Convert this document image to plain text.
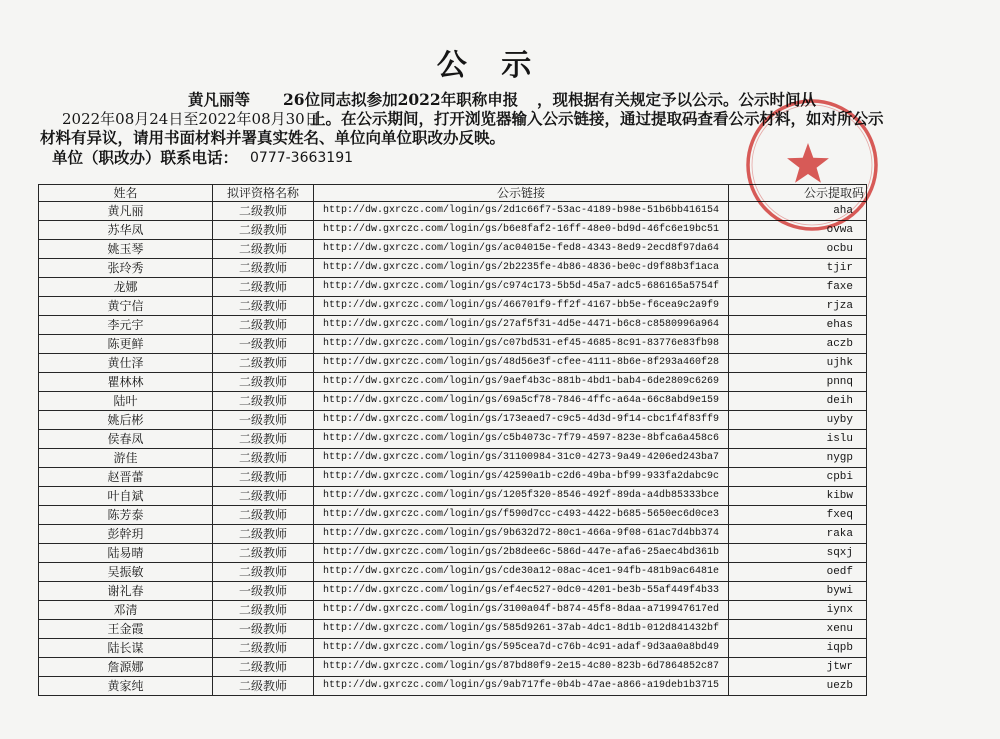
公 示
黄凡丽等 26位同志拟参加2022年职称申报 ，现根据有关规定予以公示。公示时间从
2022年08月24日至2022年08月30日
止。在公示期间，打开浏览器输入公示链接，通过提取码查看公示材料，如对所公示
材料有异议，请用书面材料并署真实姓名、单位向单位职改办反映。
单位（职改办）联系电话： 0777-3663191
姓名	拟评资格名称	公示链接	公示提取码
黄凡丽	二级教师	http://dw.gxrczc.com/login/gs/2d1c66f7-53ac-4189-b98e-51b6bb416154	aha
苏华凤	二级教师	http://dw.gxrczc.com/login/gs/b6e8faf2-16ff-48e0-bd9d-46fc6e19bc51	ovwa
姚玉琴	二级教师	http://dw.gxrczc.com/login/gs/ac04015e-fed8-4343-8ed9-2ecd8f97da64	ocbu
张玲秀	二级教师	http://dw.gxrczc.com/login/gs/2b2235fe-4b86-4836-be0c-d9f88b3f1aca	tjir
龙娜	二级教师	http://dw.gxrczc.com/login/gs/c974c173-5b5d-45a7-adc5-686165a5754f	faxe
黄宁信	二级教师	http://dw.gxrczc.com/login/gs/466701f9-ff2f-4167-bb5e-f6cea9c2a9f9	rjza
李元宇	二级教师	http://dw.gxrczc.com/login/gs/27af5f31-4d5e-4471-b6c8-c8580996a964	ehas
陈更鲜	一级教师	http://dw.gxrczc.com/login/gs/c07bd531-ef45-4685-8c91-83776e83fb98	aczb
黄仕泽	二级教师	http://dw.gxrczc.com/login/gs/48d56e3f-cfee-4111-8b6e-8f293a460f28	ujhk
瞿林林	二级教师	http://dw.gxrczc.com/login/gs/9aef4b3c-881b-4bd1-bab4-6de2809c6269	pnnq
陆叶	二级教师	http://dw.gxrczc.com/login/gs/69a5cf78-7846-4ffc-a64a-66c8abd9e159	deih
姚后彬	一级教师	http://dw.gxrczc.com/login/gs/173eaed7-c9c5-4d3d-9f14-cbc1f4f83ff9	uyby
侯春凤	二级教师	http://dw.gxrczc.com/login/gs/c5b4073c-7f79-4597-823e-8bfca6a458c6	islu
游佳	二级教师	http://dw.gxrczc.com/login/gs/31100984-31c0-4273-9a49-4206ed243ba7	nygp
赵晋蕾	二级教师	http://dw.gxrczc.com/login/gs/42590a1b-c2d6-49ba-bf99-933fa2dabc9c	cpbi
叶自斌	二级教师	http://dw.gxrczc.com/login/gs/1205f320-8546-492f-89da-a4db85333bce	kibw
陈芳泰	二级教师	http://dw.gxrczc.com/login/gs/f590d7cc-c493-4422-b685-5650ec6d0ce3	fxeq
彭幹玥	二级教师	http://dw.gxrczc.com/login/gs/9b632d72-80c1-466a-9f08-61ac7d4bb374	raka
陆易晴	二级教师	http://dw.gxrczc.com/login/gs/2b8dee6c-586d-447e-afa6-25aec4bd361b	sqxj
吴振敏	二级教师	http://dw.gxrczc.com/login/gs/cde30a12-08ac-4ce1-94fb-481b9ac6481e	oedf
谢礼春	一级教师	http://dw.gxrczc.com/login/gs/ef4ec527-0dc0-4201-be3b-55af449f4b33	bywi
邓清	二级教师	http://dw.gxrczc.com/login/gs/3100a04f-b874-45f8-8daa-a719947617ed	iynx
王金霞	一级教师	http://dw.gxrczc.com/login/gs/585d9261-37ab-4dc1-8d1b-012d841432bf	xenu
陆长谋	二级教师	http://dw.gxrczc.com/login/gs/595cea7d-c76b-4c91-adaf-9d3aa0a8bd49	iqpb
詹源娜	二级教师	http://dw.gxrczc.com/login/gs/87bd80f9-2e15-4c80-823b-6d7864852c87	jtwr
黄家纯	二级教师	http://dw.gxrczc.com/login/gs/9ab717fe-0b4b-47ae-a866-a19deb1b3715	uezb
